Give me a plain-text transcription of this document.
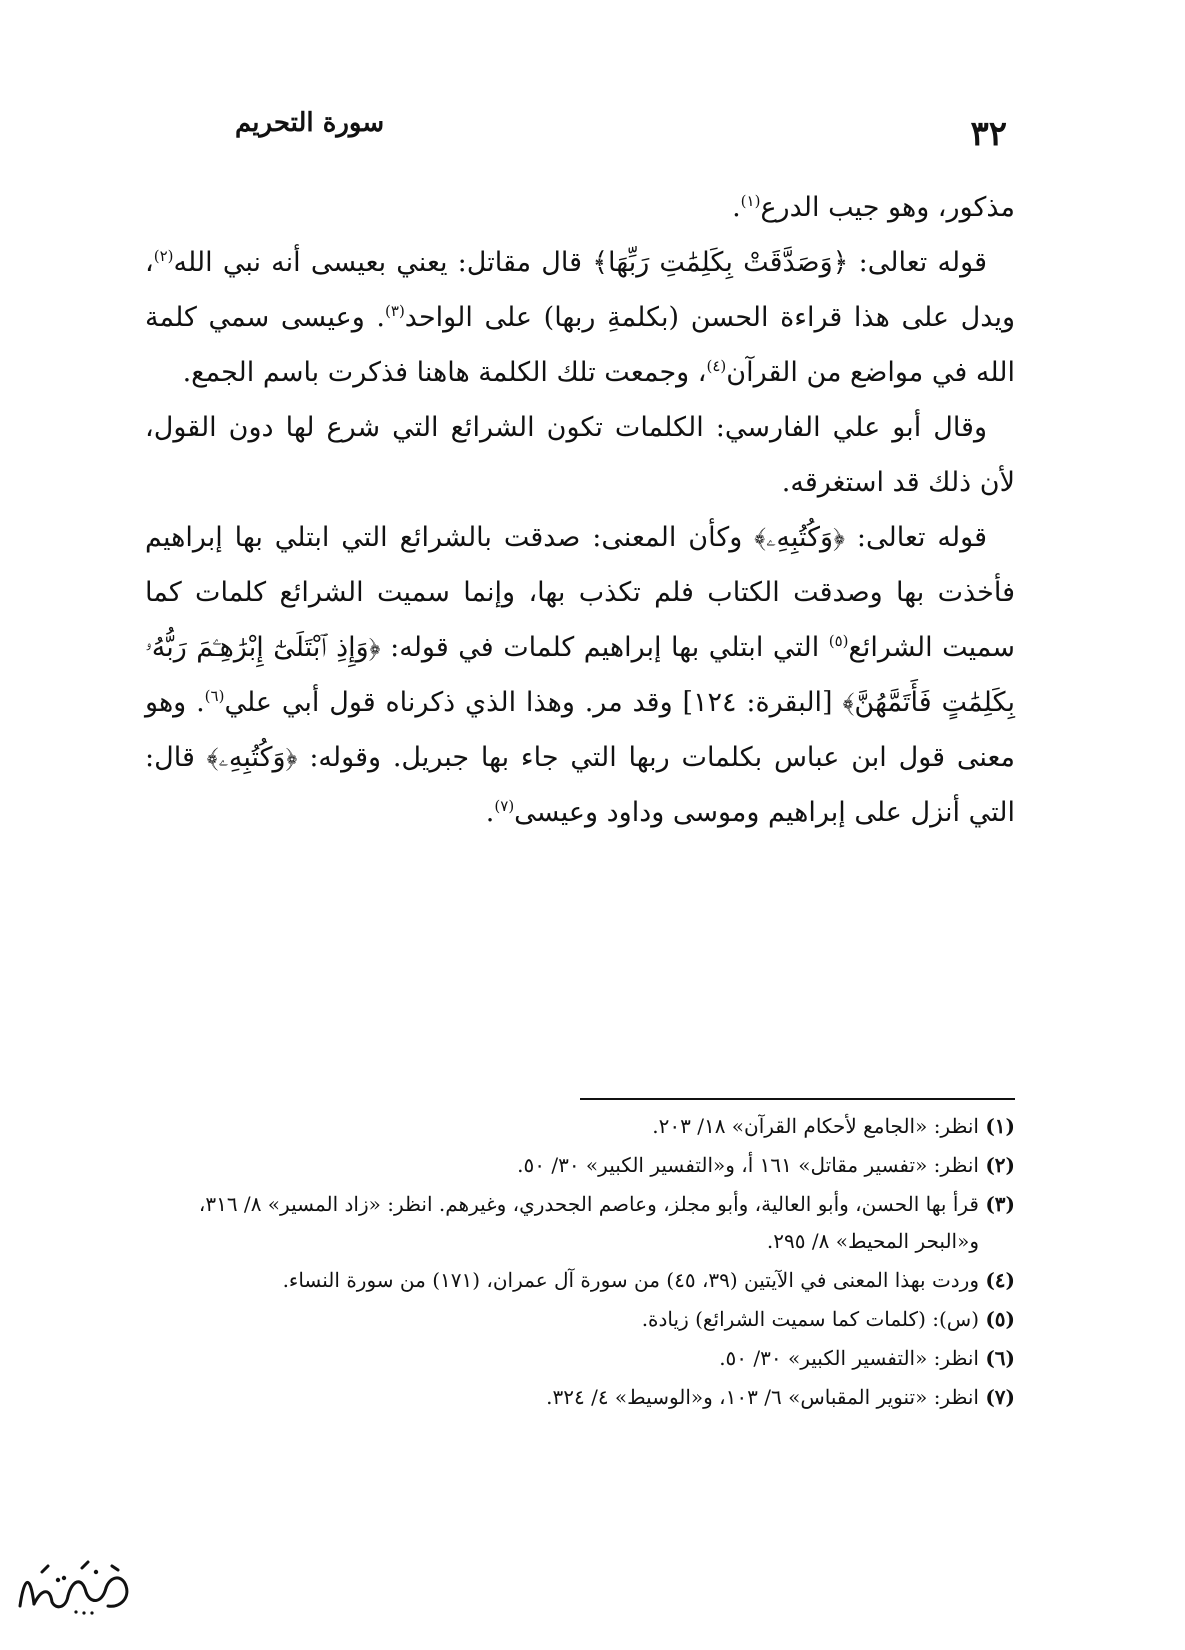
٣٢
سورة التحريم

مذكور، وهو جيب الدرع$^{(١)}$.

قوله تعالى: ﴿وَصَدَّقَتْ بِكَلِمَٰتِ رَبِّهَا﴾ قال مقاتل: يعني بعيسى أنه نبي الله$^{(٢)}$، ويدل على هذا قراءة الحسن (بكلمةِ ربها) على الواحد$^{(٣)}$. وعيسى سمي كلمة الله في مواضع من القرآن$^{(٤)}$، وجمعت تلك الكلمة هاهنا فذكرت باسم الجمع.

وقال أبو علي الفارسي: الكلمات تكون الشرائع التي شرع لها دون القول، لأن ذلك قد استغرقه.

قوله تعالى: ﴿وَكُتُبِهِۦ﴾ وكأن المعنى: صدقت بالشرائع التي ابتلي بها إبراهيم فأخذت بها وصدقت الكتاب فلم تكذب بها، وإنما سميت الشرائع كلمات كما سميت الشرائع$^{(٥)}$ التي ابتلي بها إبراهيم كلمات في قوله: ﴿وَإِذِ ٱبْتَلَىٰٓ إِبْرَٰهِـۧمَ رَبُّهُۥ بِكَلِمَٰتٍ فَأَتَمَّهُنَّ﴾ [البقرة: ١٢٤] وقد مر. وهذا الذي ذكرناه قول أبي علي$^{(٦)}$. وهو معنى قول ابن عباس بكلمات ربها التي جاء بها جبريل. وقوله: ﴿وَكُتُبِهِۦ﴾ قال: التي أنزل على إبراهيم وموسى وداود وعيسى$^{(٧)}$.

(١)
انظر: «الجامع لأحكام القرآن» ١٨/ ٢٠٣.
(٢)
انظر: «تفسير مقاتل» ١٦١ أ، و«التفسير الكبير» ٣٠/ ٥٠.
(٣)
قرأ بها الحسن، وأبو العالية، وأبو مجلز، وعاصم الجحدري، وغيرهم. انظر: «زاد المسير» ٨/ ٣١٦، و«البحر المحيط» ٨/ ٢٩٥.
(٤)
وردت بهذا المعنى في الآيتين (٣٩، ٤٥) من سورة آل عمران، (١٧١) من سورة النساء.
(٥)
(س): (كلمات كما سميت الشرائع) زيادة.
(٦)
انظر: «التفسير الكبير» ٣٠/ ٥٠.
(٧)
انظر: «تنوير المقباس» ٦/ ١٠٣، و«الوسيط» ٤/ ٣٢٤.
